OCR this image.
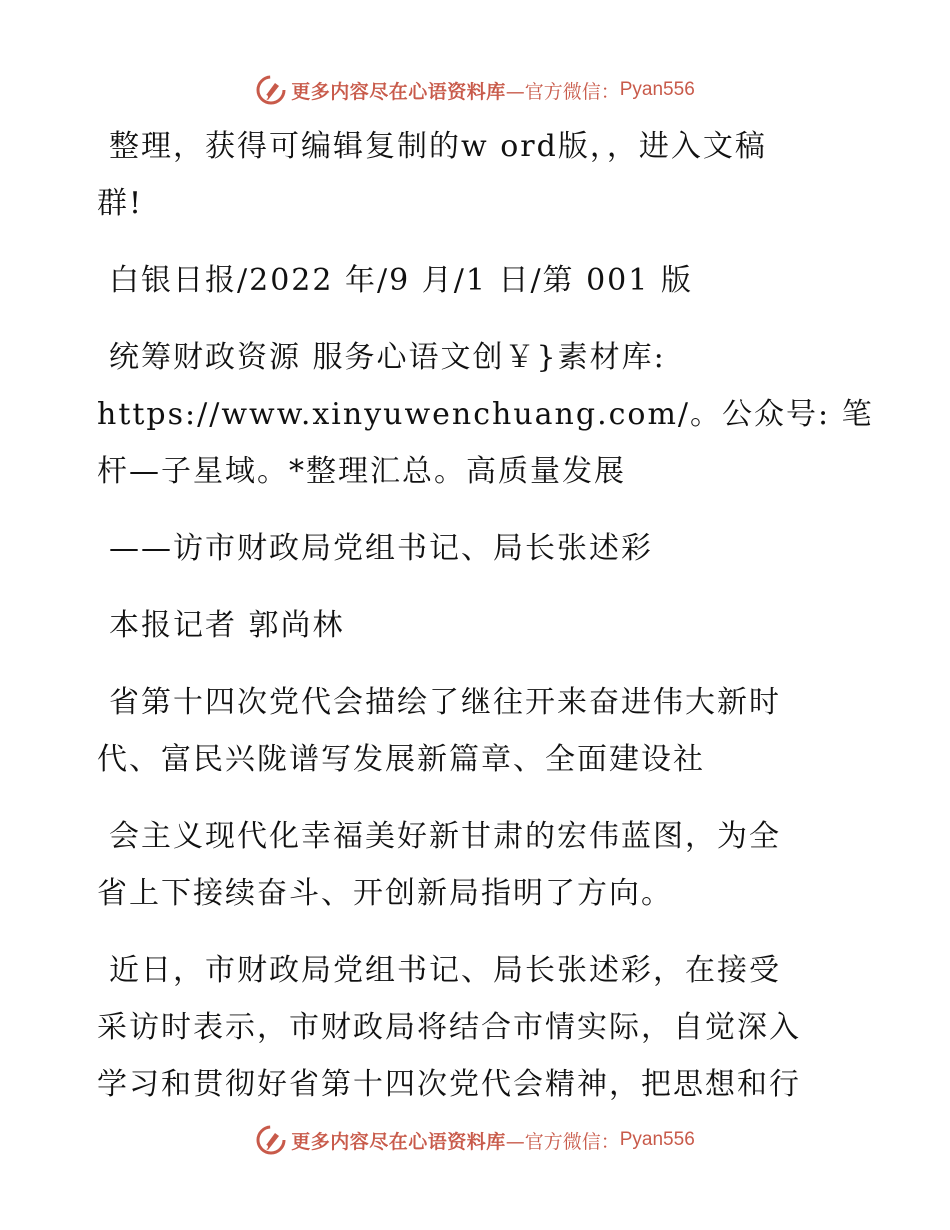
更多内容尽在心语资料库 —官方微信： Pyan556

整理，获得可编辑复制的w ord版，，进入文稿
群!

白银日报/2022 年/9 月/1 日/第 001 版

统筹财政资源 服务心语文创￥}素材库:
https://www.xinyuwenchuang.com/。公众号: 笔
杆—子星域。*整理汇总。高质量发展

——访市财政局党组书记、局长张述彩

本报记者 郭尚林

省第十四次党代会描绘了继往开来奋进伟大新时
代、富民兴陇谱写发展新篇章、全面建设社

会主义现代化幸福美好新甘肃的宏伟蓝图，为全
省上下接续奋斗、开创新局指明了方向。

近日，市财政局党组书记、局长张述彩，在接受
采访时表示，市财政局将结合市情实际，自觉深入
学习和贯彻好省第十四次党代会精神，把思想和行

更多内容尽在心语资料库 —官方微信： Pyan556
